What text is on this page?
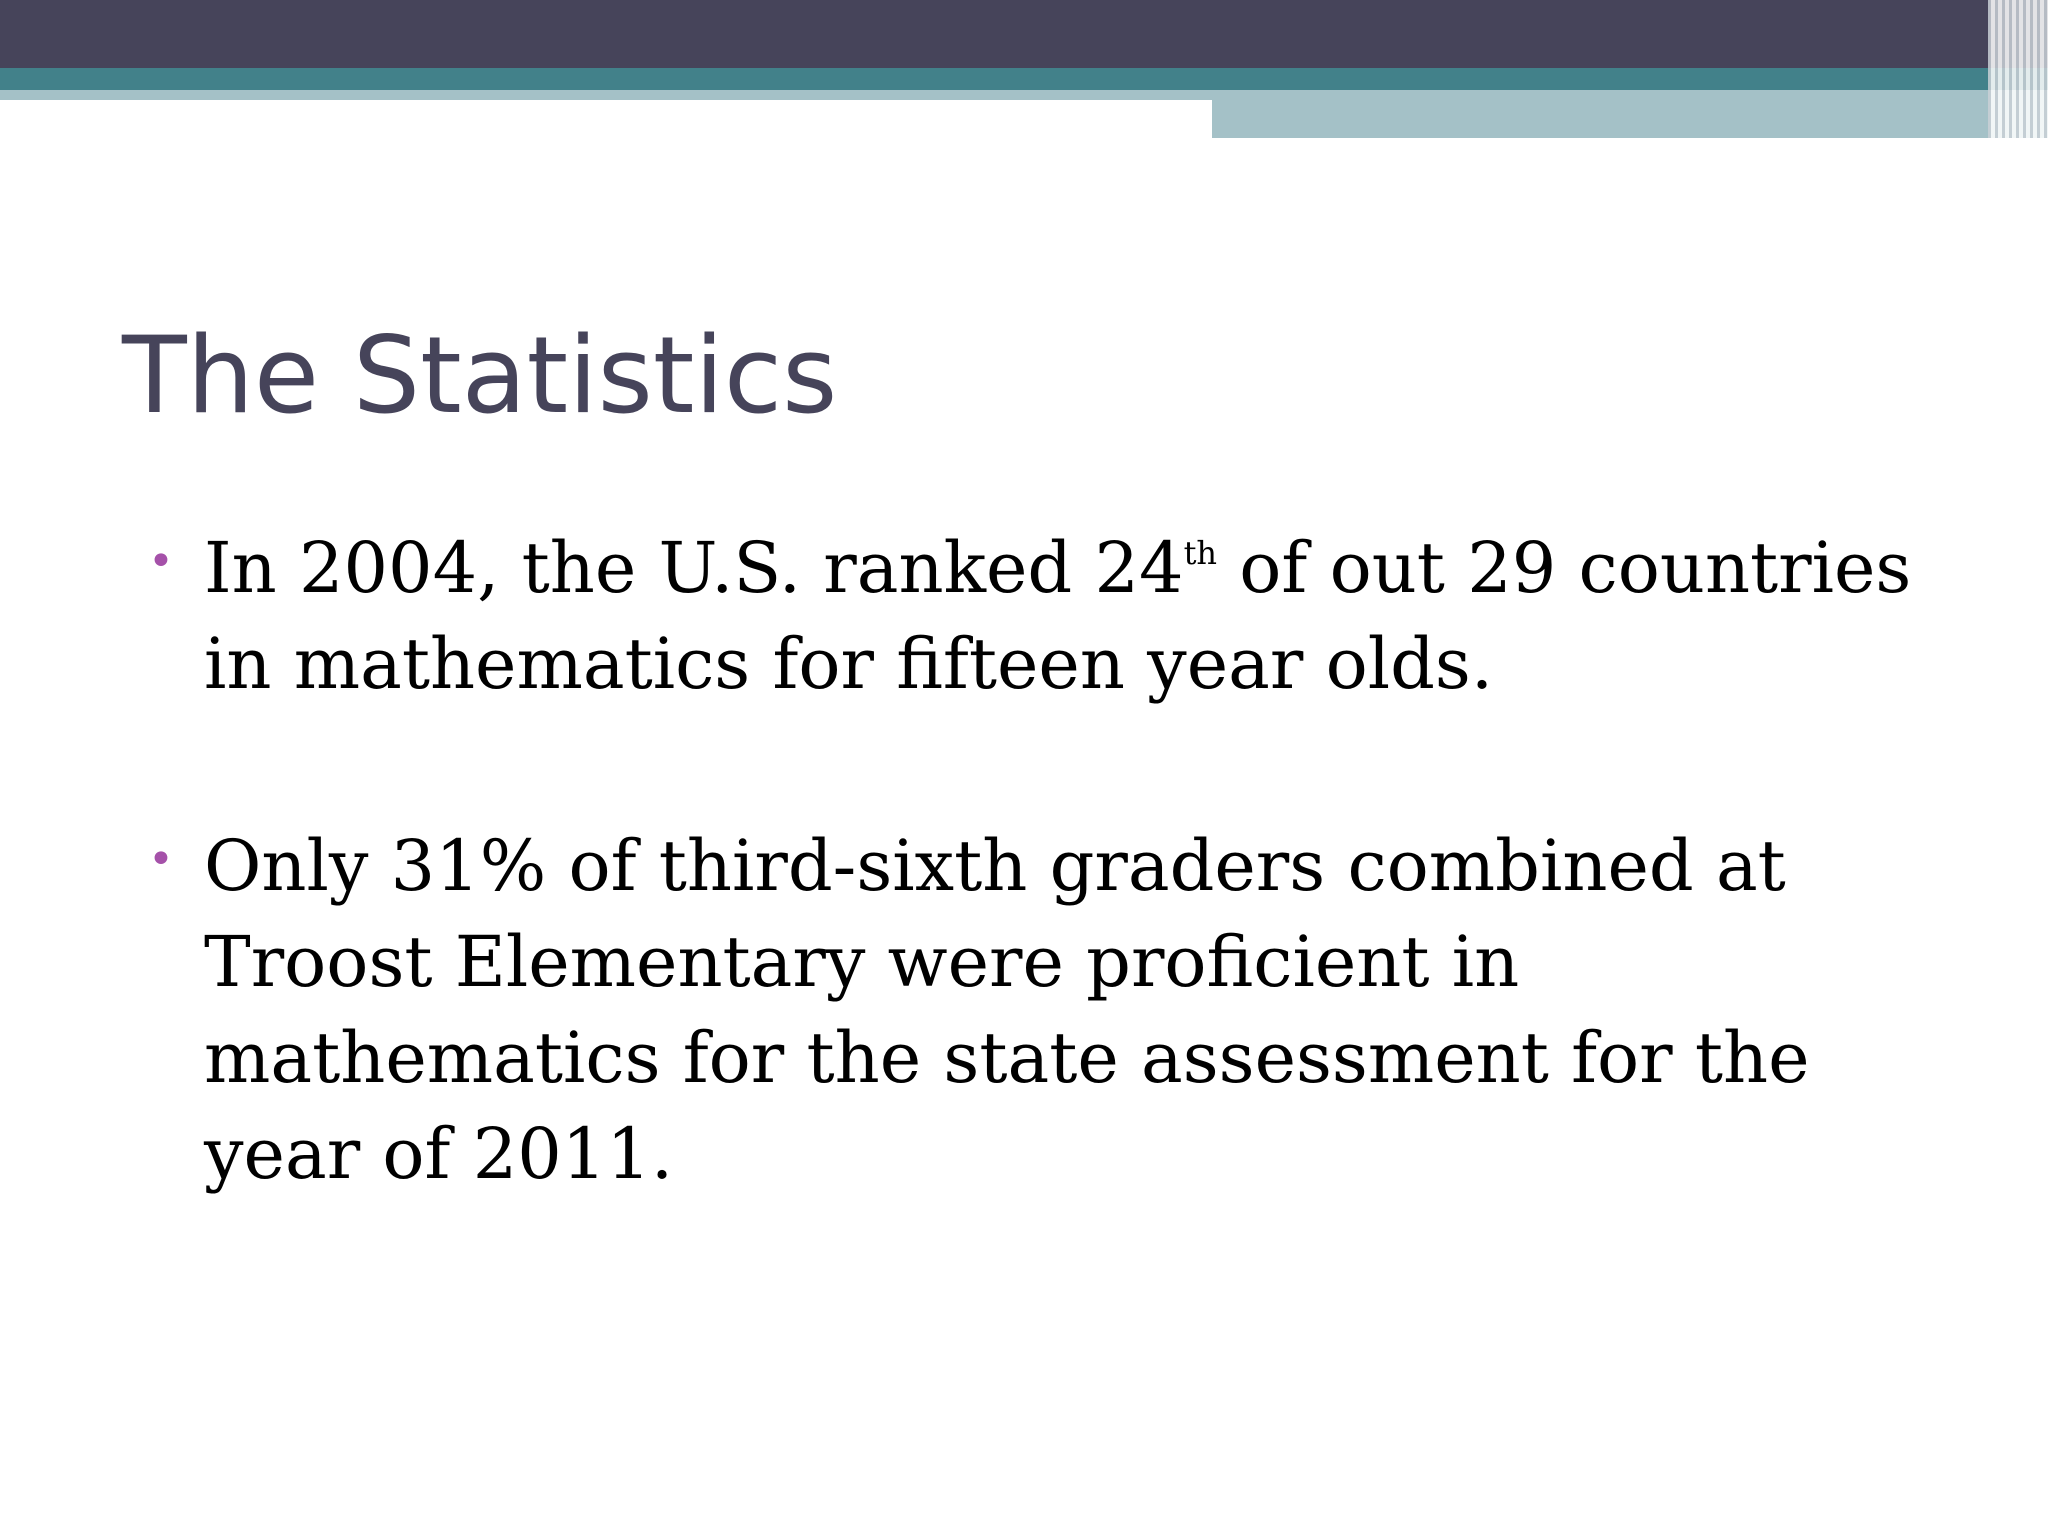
The Statistics
• In 2004, the U.S. ranked 24th of out 29 countries in mathematics for fifteen year olds.
• Only 31% of third-sixth graders combined at Troost Elementary were proficient in mathematics for the state assessment for the year of 2011.
